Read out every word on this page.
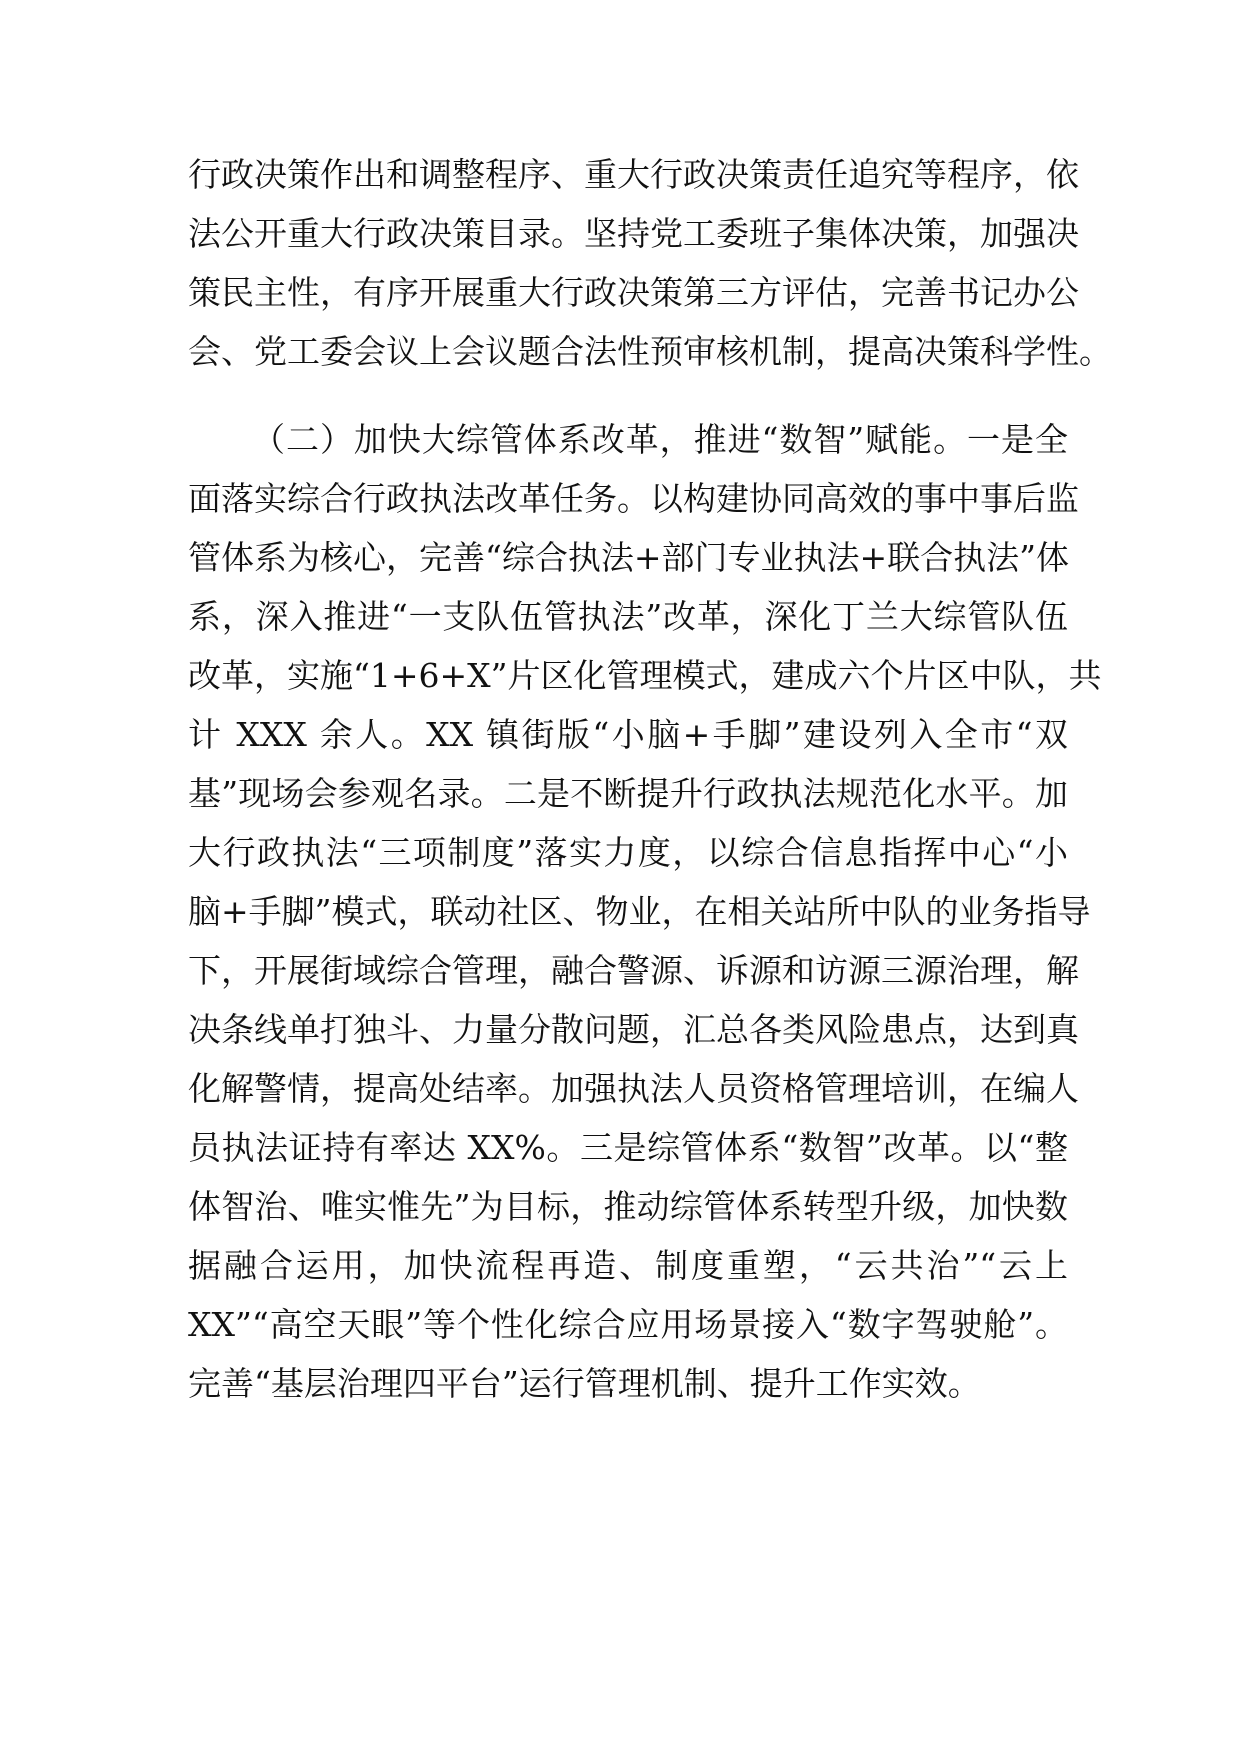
行政决策作出和调整程序、重大行政决策责任追究等程序，依
法公开重大行政决策目录。坚持党工委班子集体决策，加强决
策民主性，有序开展重大行政决策第三方评估，完善书记办公
会、党工委会议上会议题合法性预审核机制，提高决策科学性。
（二）加快大综管体系改革，推进“数智”赋能。一是全
面落实综合行政执法改革任务。以构建协同高效的事中事后监
管体系为核心，完善“综合执法+部门专业执法+联合执法”体
系，深入推进“一支队伍管执法”改革，深化丁兰大综管队伍
改革，实施“1+6+X”片区化管理模式，建成六个片区中队，共
计 XXX 余人。XX 镇街版“小脑+手脚”建设列入全市“双
基”现场会参观名录。二是不断提升行政执法规范化水平。加
大行政执法“三项制度”落实力度，以综合信息指挥中心“小
脑+手脚”模式，联动社区、物业，在相关站所中队的业务指导
下，开展街域综合管理，融合警源、诉源和访源三源治理，解
决条线单打独斗、力量分散问题，汇总各类风险患点，达到真
化解警情，提高处结率。加强执法人员资格管理培训，在编人
员执法证持有率达 XX%。三是综管体系“数智”改革。以“整
体智治、唯实惟先”为目标，推动综管体系转型升级，加快数
据融合运用，加快流程再造、制度重塑，“云共治”“云上
XX”“高空天眼”等个性化综合应用场景接入“数字驾驶舱”。
完善“基层治理四平台”运行管理机制、提升工作实效。
